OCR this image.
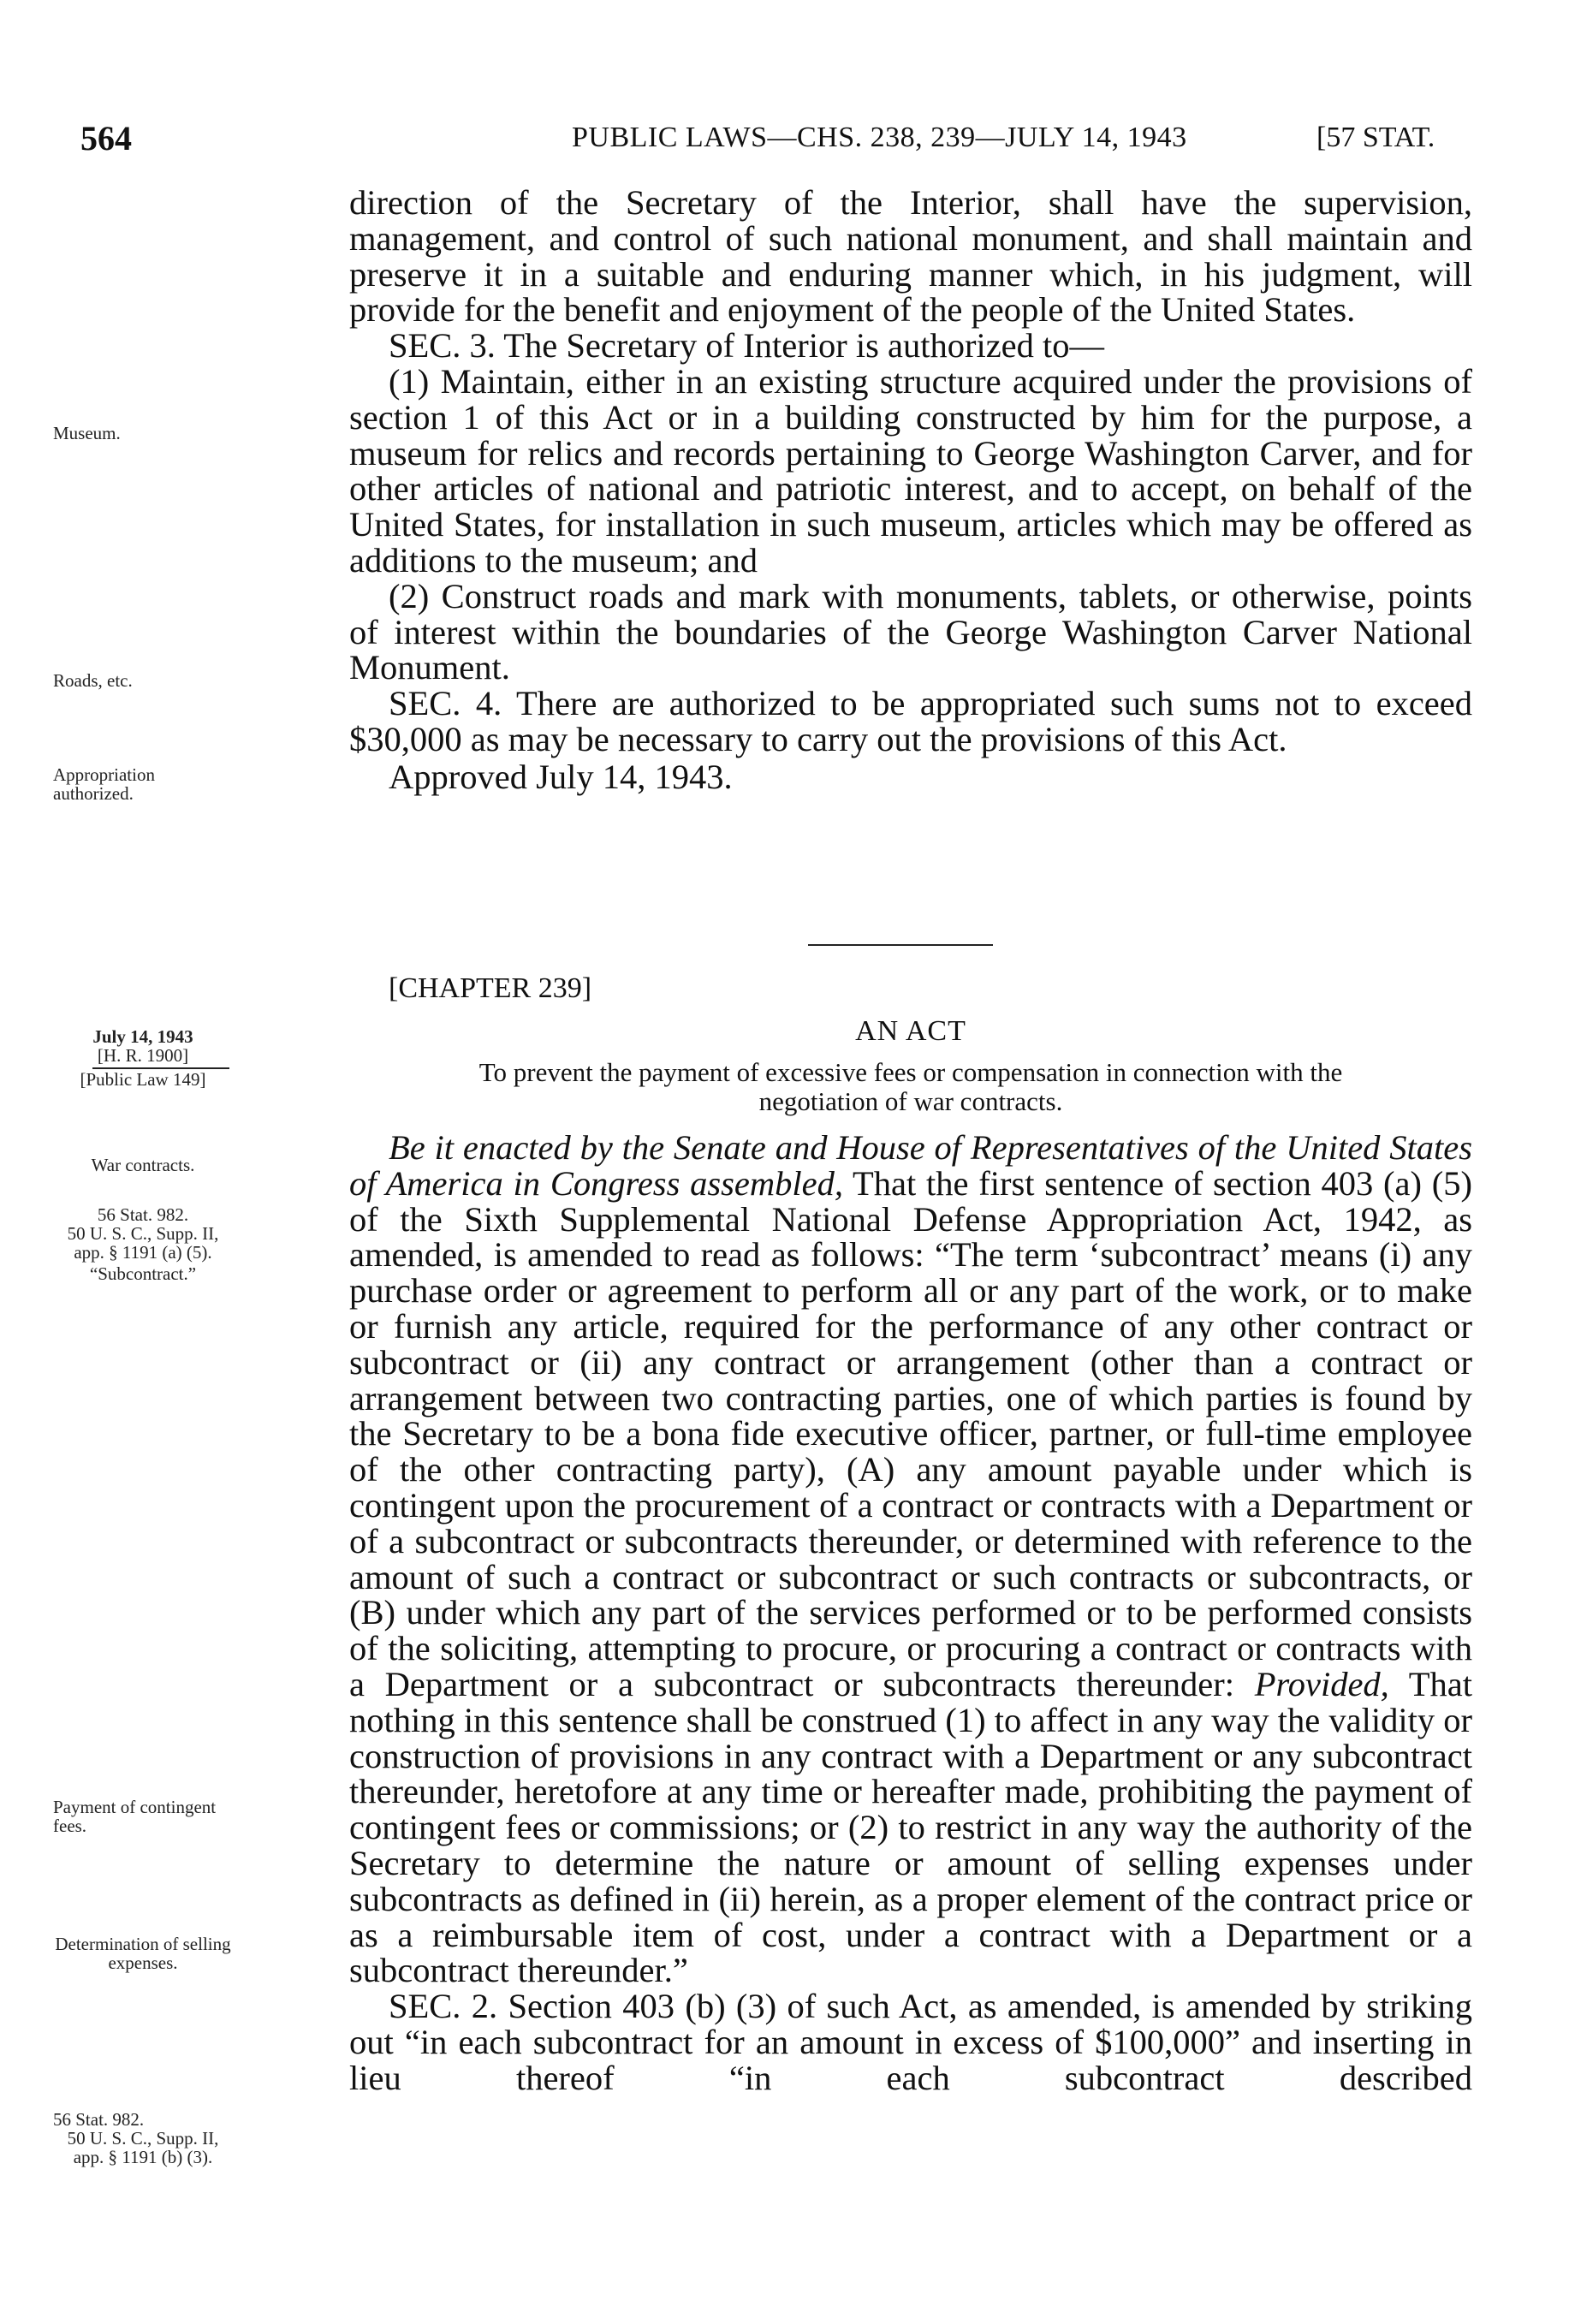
564	PUBLIC LAWS—CHS. 238, 239—JULY 14, 1943	[57 STAT.

direction of the Secretary of the Interior, shall have the supervision, management, and control of such national monument, and shall maintain and preserve it in a suitable and enduring manner which, in his judgment, will provide for the benefit and enjoyment of the people of the United States.

SEC. 3. The Secretary of Interior is authorized to—

(1) Maintain, either in an existing structure acquired under the provisions of section 1 of this Act or in a building constructed by him for the purpose, a museum for relics and records pertaining to George Washington Carver, and for other articles of national and patriotic interest, and to accept, on behalf of the United States, for installation in such museum, articles which may be offered as additions to the museum; and

(2) Construct roads and mark with monuments, tablets, or otherwise, points of interest within the boundaries of the George Washington Carver National Monument.

SEC. 4. There are authorized to be appropriated such sums not to exceed $30,000 as may be necessary to carry out the provisions of this Act.

Approved July 14, 1943.

[CHAPTER 239]
AN ACT
To prevent the payment of excessive fees or compensation in connection with the
negotiation of war contracts.

Be it enacted by the Senate and House of Representatives of the United States of America in Congress assembled, That the first sentence of section 403 (a) (5) of the Sixth Supplemental National Defense Appropriation Act, 1942, as amended, is amended to read as follows: “The term ‘subcontract’ means (i) any purchase order or agreement to perform all or any part of the work, or to make or furnish any article, required for the performance of any other contract or subcontract or (ii) any contract or arrangement (other than a contract or arrangement between two contracting parties, one of which parties is found by the Secretary to be a bona fide executive officer, partner, or full-time employee of the other contracting party), (A) any amount payable under which is contingent upon the procurement of a contract or contracts with a Department or of a subcontract or subcontracts thereunder, or determined with reference to the amount of such a contract or subcontract or such contracts or subcontracts, or (B) under which any part of the services performed or to be performed consists of the soliciting, attempting to procure, or procuring a contract or contracts with a Department or a subcontract or subcontracts thereunder: Provided, That nothing in this sentence shall be construed (1) to affect in any way the validity or construction of provisions in any contract with a Department or any subcontract thereunder, heretofore at any time or hereafter made, prohibiting the payment of contingent fees or commissions; or (2) to restrict in any way the authority of the Secretary to determine the nature or amount of selling expenses under subcontracts as defined in (ii) herein, as a proper element of the contract price or as a reimbursable item of cost, under a contract with a Department or a subcontract thereunder.”

SEC. 2. Section 403 (b) (3) of such Act, as amended, is amended by striking out “in each subcontract for an amount in excess of $100,000” and inserting in lieu thereof “in each subcontract described

Museum.
Roads, etc.
Appropriation authorized.
July 14, 1943
[H. R. 1900]
[Public Law 149]
War contracts.
56 Stat. 982.
50 U. S. C., Supp. II, app. § 1191 (a) (5).
“Subcontract.”
Payment of contingent fees.
Determination of selling expenses.
56 Stat. 982.
50 U. S. C., Supp. II, app. § 1191 (b) (3).
